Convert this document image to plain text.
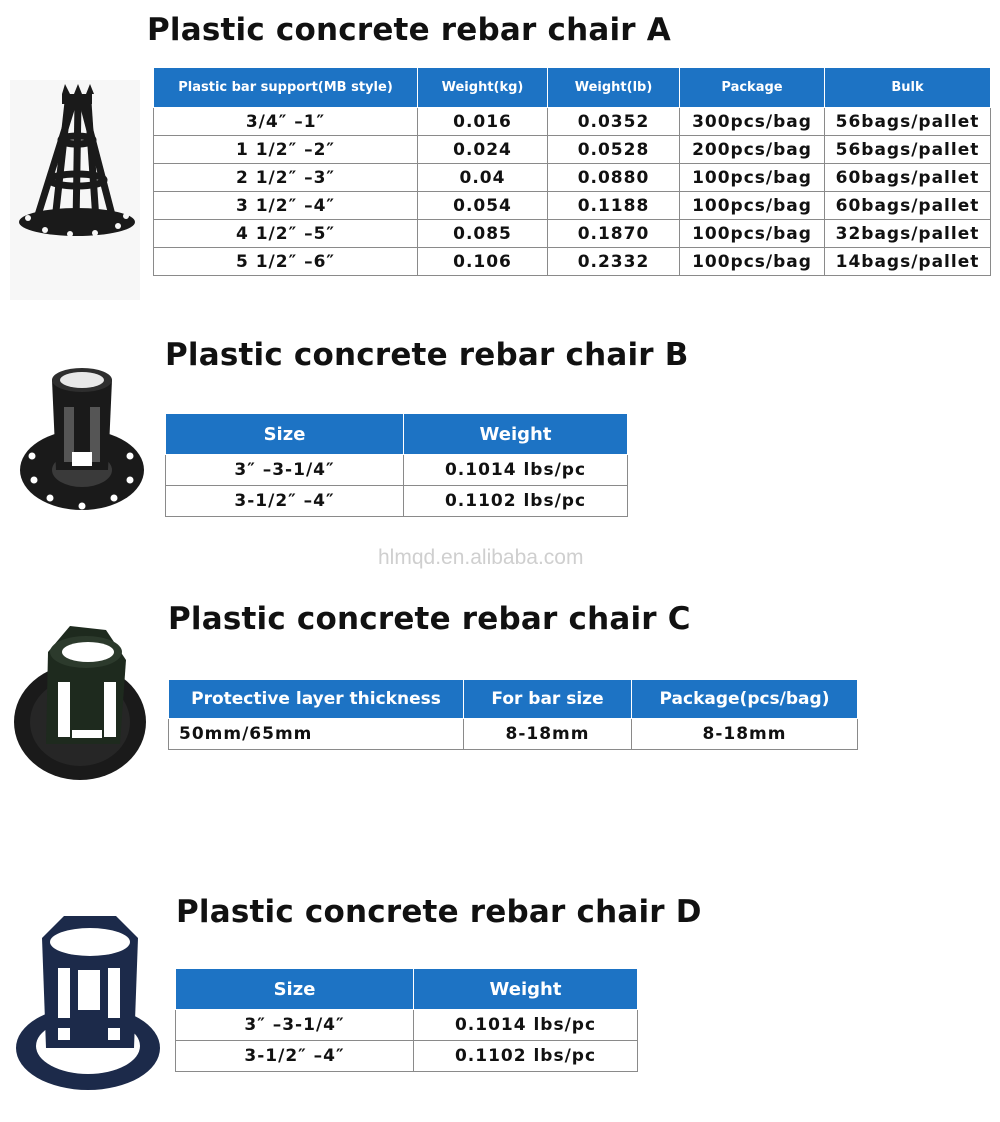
Plastic concrete rebar chair A
Plastic bar support(MB style)	Weight(kg)	Weight(lb)	Package	Bulk
3/4″ –1″	0.016	0.0352	300pcs/bag	56bags/pallet
1 1/2″ –2″	0.024	0.0528	200pcs/bag	56bags/pallet
2 1/2″ –3″	0.04	0.0880	100pcs/bag	60bags/pallet
3 1/2″ –4″	0.054	0.1188	100pcs/bag	60bags/pallet
4 1/2″ –5″	0.085	0.1870	100pcs/bag	32bags/pallet
5 1/2″ –6″	0.106	0.2332	100pcs/bag	14bags/pallet
Plastic concrete rebar chair B
Size	Weight
3″ –3-1/4″	0.1014 lbs/pc
3-1/2″ –4″	0.1102 lbs/pc
hlmqd.en.alibaba.com
Plastic concrete rebar chair C
Protective layer thickness	For bar size	Package(pcs/bag)
50mm/65mm	8-18mm	8-18mm
Plastic concrete rebar chair D
Size	Weight
3″ –3-1/4″	0.1014 lbs/pc
3-1/2″ –4″	0.1102 lbs/pc
